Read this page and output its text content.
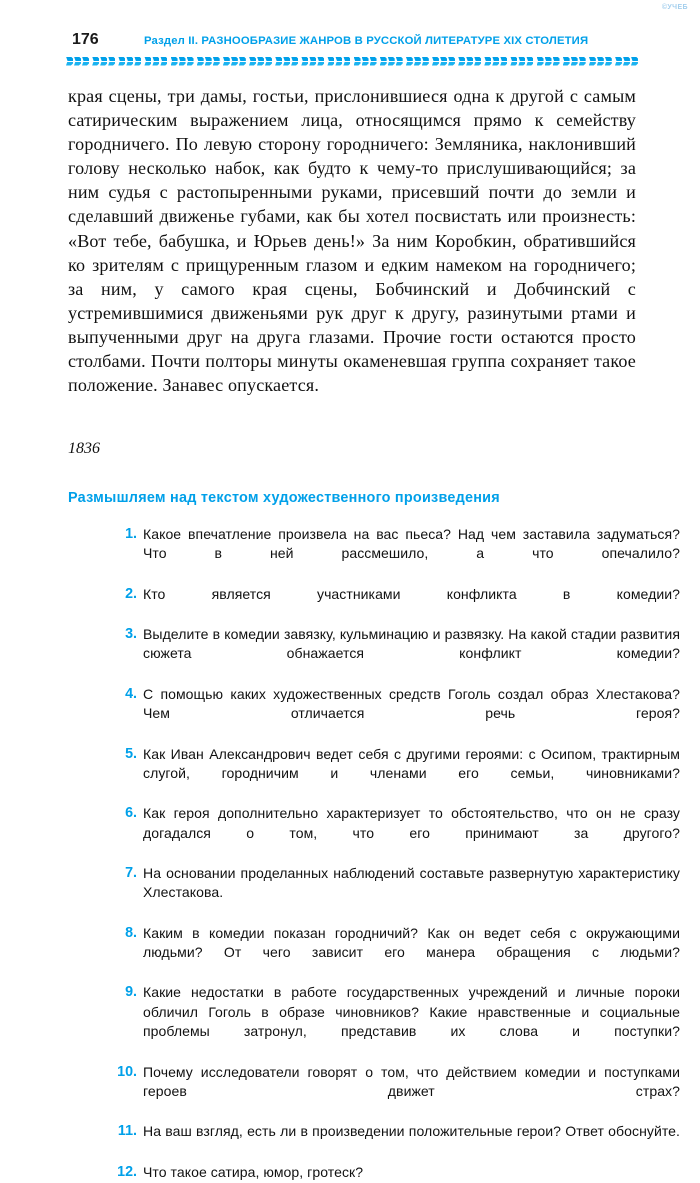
©УЧЕБ
176	Раздел II. РАЗНООБРАЗИЕ ЖАНРОВ В РУССКОЙ ЛИТЕРАТУРЕ XIX СТОЛЕТИЯ

края сцены, три дамы, гостьи, прислонившиеся одна к другой с самым сатирическим выражением лица, относящимся прямо к семейству городничего. По левую сторону городничего: Земляника, наклонивший голову несколько набок, как будто к чему-то прислушивающийся; за ним судья с растопыренными руками, присевший почти до земли и сделавший движенье губами, как бы хотел посвистать или произнесть: «Вот тебе, бабушка, и Юрьев день!» За ним Коробкин, обратившийся ко зрителям с прищуренным глазом и едким намеком на городничего; за ним, у самого края сцены, Бобчинский и Добчинский с устремившимися движеньями рук друг к другу, разинутыми ртами и выпученными друг на друга глазами. Прочие гости остаются просто столбами. Почти полторы минуты окаменевшая группа сохраняет такое положение. Занавес опускается.

1836
Размышляем над текстом художественного произведения
1. Какое впечатление произвела на вас пьеса? Над чем заставила задуматься? Что в ней рассмешило, а что опечалило?
2. Кто является участниками конфликта в комедии?
3. Выделите в комедии завязку, кульминацию и развязку. На какой стадии развития сюжета обнажается конфликт комедии?
4. С помощью каких художественных средств Гоголь создал образ Хлестакова? Чем отличается речь героя?
5. Как Иван Александрович ведет себя с другими героями: с Осипом, трактирным слугой, городничим и членами его семьи, чиновниками?
6. Как героя дополнительно характеризует то обстоятельство, что он не сразу догадался о том, что его принимают за другого?
7. На основании проделанных наблюдений составьте развернутую характеристику Хлестакова.
8. Каким в комедии показан городничий? Как он ведет себя с окружающими людьми? От чего зависит его манера обращения с людьми?
9. Какие недостатки в работе государственных учреждений и личные пороки обличил Гоголь в образе чиновников? Какие нравственные и социальные проблемы затронул, представив их слова и поступки?
10. Почему исследователи говорят о том, что действием комедии и поступками героев движет страх?
11. На ваш взгляд, есть ли в произведении положительные герои? Ответ обоснуйте.
12. Что такое сатира, юмор, гротеск?
